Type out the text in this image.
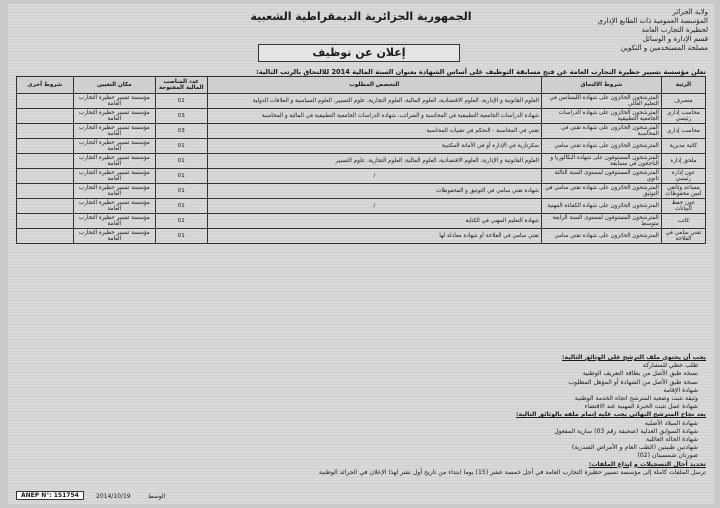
الجمهورية الجزائرية الديمقراطية الشعبية	ولاية الجزائر
المؤسسة العمومية ذات الطابع الإداري
لحظيرة التجارب العامة
قسم الإدارة و الوسائل
مصلحة المستخدمين و التكوين
إعلان عن توظيف
تعلن مؤسسة تسيير حظيرة التجارب العامة عن فتح مسابقة التوظيف على أساس الشهادة بعنوان السنة المالية 2014 للالتحاق بالرتب التالية:
الرتبة	شروط الالتحاق	التخصص المطلوب	عدد المناصب المالية المفتوحة	مكان التعيين	شروط أخرى
متصرف	المترشحون الحائزون على شهادة الليسانس في التعليم العالي	العلوم القانونية و الإدارية، العلوم الاقتصادية، العلوم المالية، العلوم التجارية، علوم التسيير، العلوم السياسية و العلاقات الدولية	01	مؤسسة تسيير حظيرة التجارب العامة	
محاسب إداري رئيسي	المترشحون الحائزون على شهادة الدراسات الجامعية التطبيقية	شهادة الدراسات الجامعية التطبيقية في المحاسبة و الضرائب، شهادة الدراسات الجامعية التطبيقية في المالية و المحاسبة	03	مؤسسة تسيير حظيرة التجارب العامة	
محاسب إداري	المترشحون الحائزون على شهادة تقني في المحاسبة	تقني في المحاسبة - التحكم في تقنيات المحاسبة	03	مؤسسة تسيير حظيرة التجارب العامة	
كاتبة مديرية	المترشحون الحائزون على شهادة تقني سامي	سكرتارية في الإدارة أو في الأمانة المكتبية	01	مؤسسة تسيير حظيرة التجارب العامة	
ملحق إدارة	المترشحون المستوفون على شهادة البكالوريا و الناجحون في مسابقة	العلوم القانونية و الإدارية، العلوم الاقتصادية، العلوم المالية، العلوم التجارية، علوم التسيير	01	مؤسسة تسيير حظيرة التجارب العامة	
عون إدارة رئيسي	المترشحون المستوفون لمستوى السنة الثالثة ثانوي	/	01	مؤسسة تسيير حظيرة التجارب العامة	
مساعد وثائقي أمين محفوظات	المترشحون الحائزون على شهادة تقني سامي في التوثيق	شهادة تقني سامي في التوثيق و المحفوظات	01	مؤسسة تسيير حظيرة التجارب العامة	
عون حفظ البيانات	المترشحون الحائزون على شهادة الكفاءة المهنية	/	01	مؤسسة تسيير حظيرة التجارب العامة	
كاتب	المترشحون المستوفون لمستوى السنة الرابعة متوسط	شهادة التعليم المهني في الكتابة	01	مؤسسة تسيير حظيرة التجارب العامة	
تقني سامي في الفلاحة	المترشحون الحائزون على شهادة تقني سامي	تقني سامي في الفلاحة أو شهادة معادلة لها	01	مؤسسة تسيير حظيرة التجارب العامة	
يجب أن يحتوي ملف الترشح على الوثائق التالية:
طلب خطي للمشاركة
نسخة طبق الأصل من بطاقة التعريف الوطنية
نسخة طبق الأصل من الشهادة أو المؤهل المطلوب
شهادة الإقامة
وثيقة تثبت وضعية المترشح اتجاه الخدمة الوطنية
شهادة عمل تثبت الخبرة المهنية عند الاقتضاء
بعد نجاح المترشح النهائي يجب عليه إتمام ملفه بالوثائق التالية:
شهادة الميلاد الأصلية
شهادة السوابق العدلية (صحيفة رقم 03) سارية المفعول
شهادة الحالة العائلية
شهادتين طبيتين (الطب العام و الأمراض الصدرية)
صورتان شمسيتان (02)
تحديد آجال التسجيلات و إيداع الملفات:
ترسل الملفات كاملة إلى مؤسسة تسيير حظيرة التجارب العامة في أجل خمسة عشر (15) يوما ابتداء من تاريخ أول نشر لهذا الإعلان في الجرائد الوطنية
ANEP N°: 151754	2014/10/19	الوسط
